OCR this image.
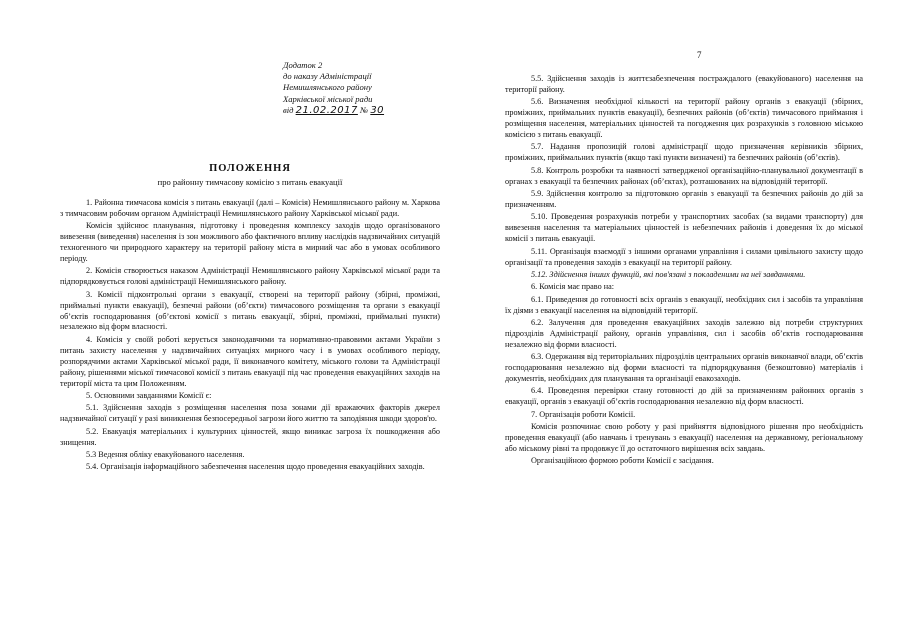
Додаток 2

до наказу Адміністрації

Немишлянського району

Харківської міської ради

від 21.02.2017 № 30

ПОЛОЖЕННЯ

про районну тимчасову комісію з питань евакуації

1. Районна тимчасова комісія з питань евакуації (далі – Комісія) Немишлянського району м. Харкова з тимчасовим робочим органом Адміністрації Немишлянського району Харківської міської ради.

Комісія здійснює планування, підготовку і проведення комплексу заходів щодо організованого вивезення (виведення) населення із зон можливого або фактичного впливу наслідків надзвичайних ситуацій техногенного чи природного характеру на території району міста в мирний час або в умовах особливого періоду.

2. Комісія створюється наказом Адміністрації Немишлянського району Харківської міської ради та підпорядковується голові адміністрації Немишлянського району.

3. Комісії підконтрольні органи з евакуації, створені на території району (збірні, проміжні, приймальні пункти евакуації), безпечні райони (об’єкти) тимчасового розміщення та органи з евакуації об’єктів господарювання (об’єктові комісії з питань евакуації, збірні, проміжні, приймальні пункти) незалежно від форм власності.

4. Комісія у своїй роботі керується законодавчими та нормативно-правовими актами України з питань захисту населення у надзвичайних ситуаціях мирного часу і в умовах особливого періоду, розпорядчими актами Харківської міської ради, її виконавчого комітету, міського голови та Адміністрації району, рішеннями міської тимчасової комісії з питань евакуації під час проведення евакуаційних заходів на території міста та цим Положенням.

5. Основними завданнями Комісії є:

5.1. Здійснення заходів з розміщення населення поза зонами дії вражаючих факторів джерел надзвичайної ситуації у разі виникнення безпосередньої загрози його життю та заподіяння шкоди здоров'ю.

5.2. Евакуація матеріальних і культурних цінностей, якщо виникає загроза їх пошкодження або знищення.

5.3 Ведення обліку евакуйованого населення.

5.4. Організація інформаційного забезпечення населення щодо проведення евакуаційних заходів.

7

5.5. Здійснення заходів із життєзабезпечення постраждалого (евакуйованого) населення на території району.

5.6. Визначення необхідної кількості на території району органів з евакуації (збірних, проміжних, приймальних пунктів евакуації), безпечних районів (об’єктів) тимчасового приймання і розміщення населення, матеріальних цінностей та погодження цих розрахунків з головною міською комісією з питань евакуації.

5.7. Надання пропозицій голові адміністрації щодо призначення керівників збірних, проміжних, приймальних пунктів (якщо такі пункти визначені) та безпечних районів (об’єктів).

5.8. Контроль розробки та наявності затвердженої організаційно-планувальної документації в органах з евакуації та безпечних районах (об’єктах), розташованих на відповідній території.

5.9. Здійснення контролю за підготовкою органів з евакуації та безпечних районів до дій за призначенням.

5.10. Проведення розрахунків потреби у транспортних засобах (за видами транспорту) для вивезення населення та матеріальних цінностей із небезпечних районів і доведення їх до міської комісії з питань евакуації.

5.11. Організація взаємодії з іншими органами управління і силами цивільного захисту щодо організації та проведення заходів з евакуації на території району.

5.12. Здійснення інших функцій, які пов'язані з покладеними на неї завданнями.

6. Комісія має право на:

6.1. Приведення до готовності всіх органів з евакуації, необхідних сил і засобів та управління їх діями з евакуації населення на відповідній території.

6.2. Залучення для проведення евакуаційних заходів залежно від потреби структурних підрозділів Адміністрації району, органів управління, сил і засобів об’єктів господарювання незалежно від форми власності.

6.3. Одержання від територіальних підрозділів центральних органів виконавчої влади, об’єктів господарювання незалежно від форми власності та підпорядкування (безкоштовно) матеріалів і документів, необхідних для планування та організації евакозаходів.

6.4. Проведення перевірки стану готовності до дій за призначенням районних органів з евакуації, органів з евакуації об’єктів господарювання незалежно від форм власності.

7. Організація роботи Комісії.

Комісія розпочинає свою роботу у разі прийняття відповідного рішення про необхідність проведення евакуації (або навчань і тренувань з евакуації) населення на державному, регіональному або міському рівні та продовжує її до остаточного вирішення всіх завдань.

Організаційною формою роботи Комісії є засідання.
